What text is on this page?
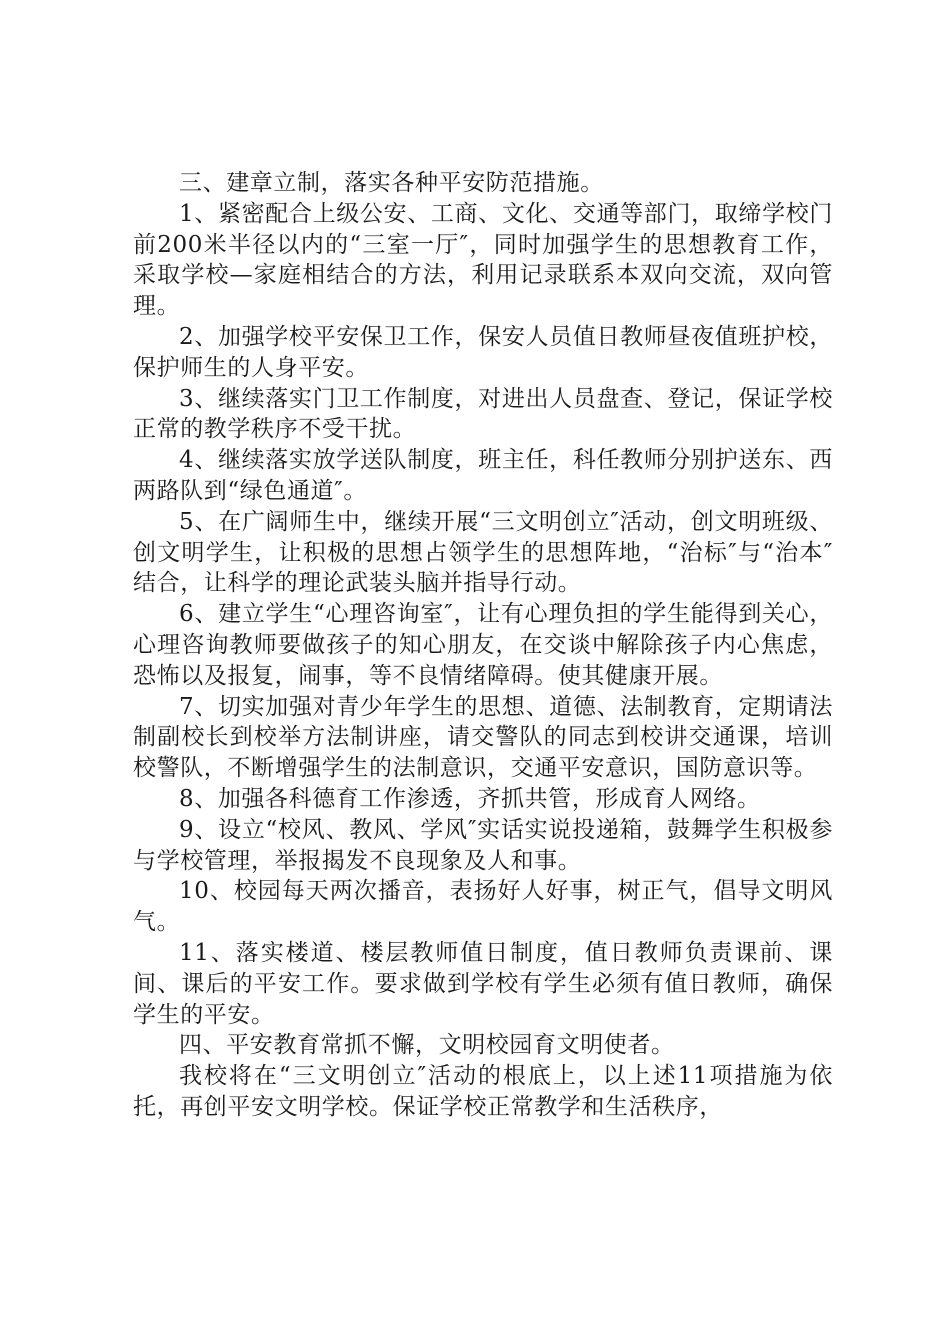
三、建章立制，落实各种平安防范措施。

1、紧密配合上级公安、工商、文化、交通等部门，取缔学校门前200米半径以内的“三室一厅″，同时加强学生的思想教育工作，采取学校—家庭相结合的方法，利用记录联系本双向交流，双向管理。

2、加强学校平安保卫工作，保安人员值日教师昼夜值班护校，保护师生的人身平安。

3、继续落实门卫工作制度，对进出人员盘查、登记，保证学校正常的教学秩序不受干扰。

4、继续落实放学送队制度，班主任，科任教师分别护送东、西两路队到“绿色通道″。

5、在广阔师生中，继续开展“三文明创立″活动，创文明班级、创文明学生，让积极的思想占领学生的思想阵地，“治标″与“治本″结合，让科学的理论武装头脑并指导行动。

6、建立学生“心理咨询室″，让有心理负担的学生能得到关心，心理咨询教师要做孩子的知心朋友，在交谈中解除孩子内心焦虑，恐怖以及报复，闹事，等不良情绪障碍。使其健康开展。

7、切实加强对青少年学生的思想、道德、法制教育，定期请法制副校长到校举方法制讲座，请交警队的同志到校讲交通课，培训校警队，不断增强学生的法制意识，交通平安意识，国防意识等。

8、加强各科德育工作渗透，齐抓共管，形成育人网络。

9、设立“校风、教风、学风″实话实说投递箱，鼓舞学生积极参与学校管理，举报揭发不良现象及人和事。

10、校园每天两次播音，表扬好人好事，树正气，倡导文明风气。

11、落实楼道、楼层教师值日制度，值日教师负责课前、课间、课后的平安工作。要求做到学校有学生必须有值日教师，确保学生的平安。

四、平安教育常抓不懈，文明校园育文明使者。

我校将在“三文明创立″活动的根底上，以上述11项措施为依托，再创平安文明学校。保证学校正常教学和生活秩序，
